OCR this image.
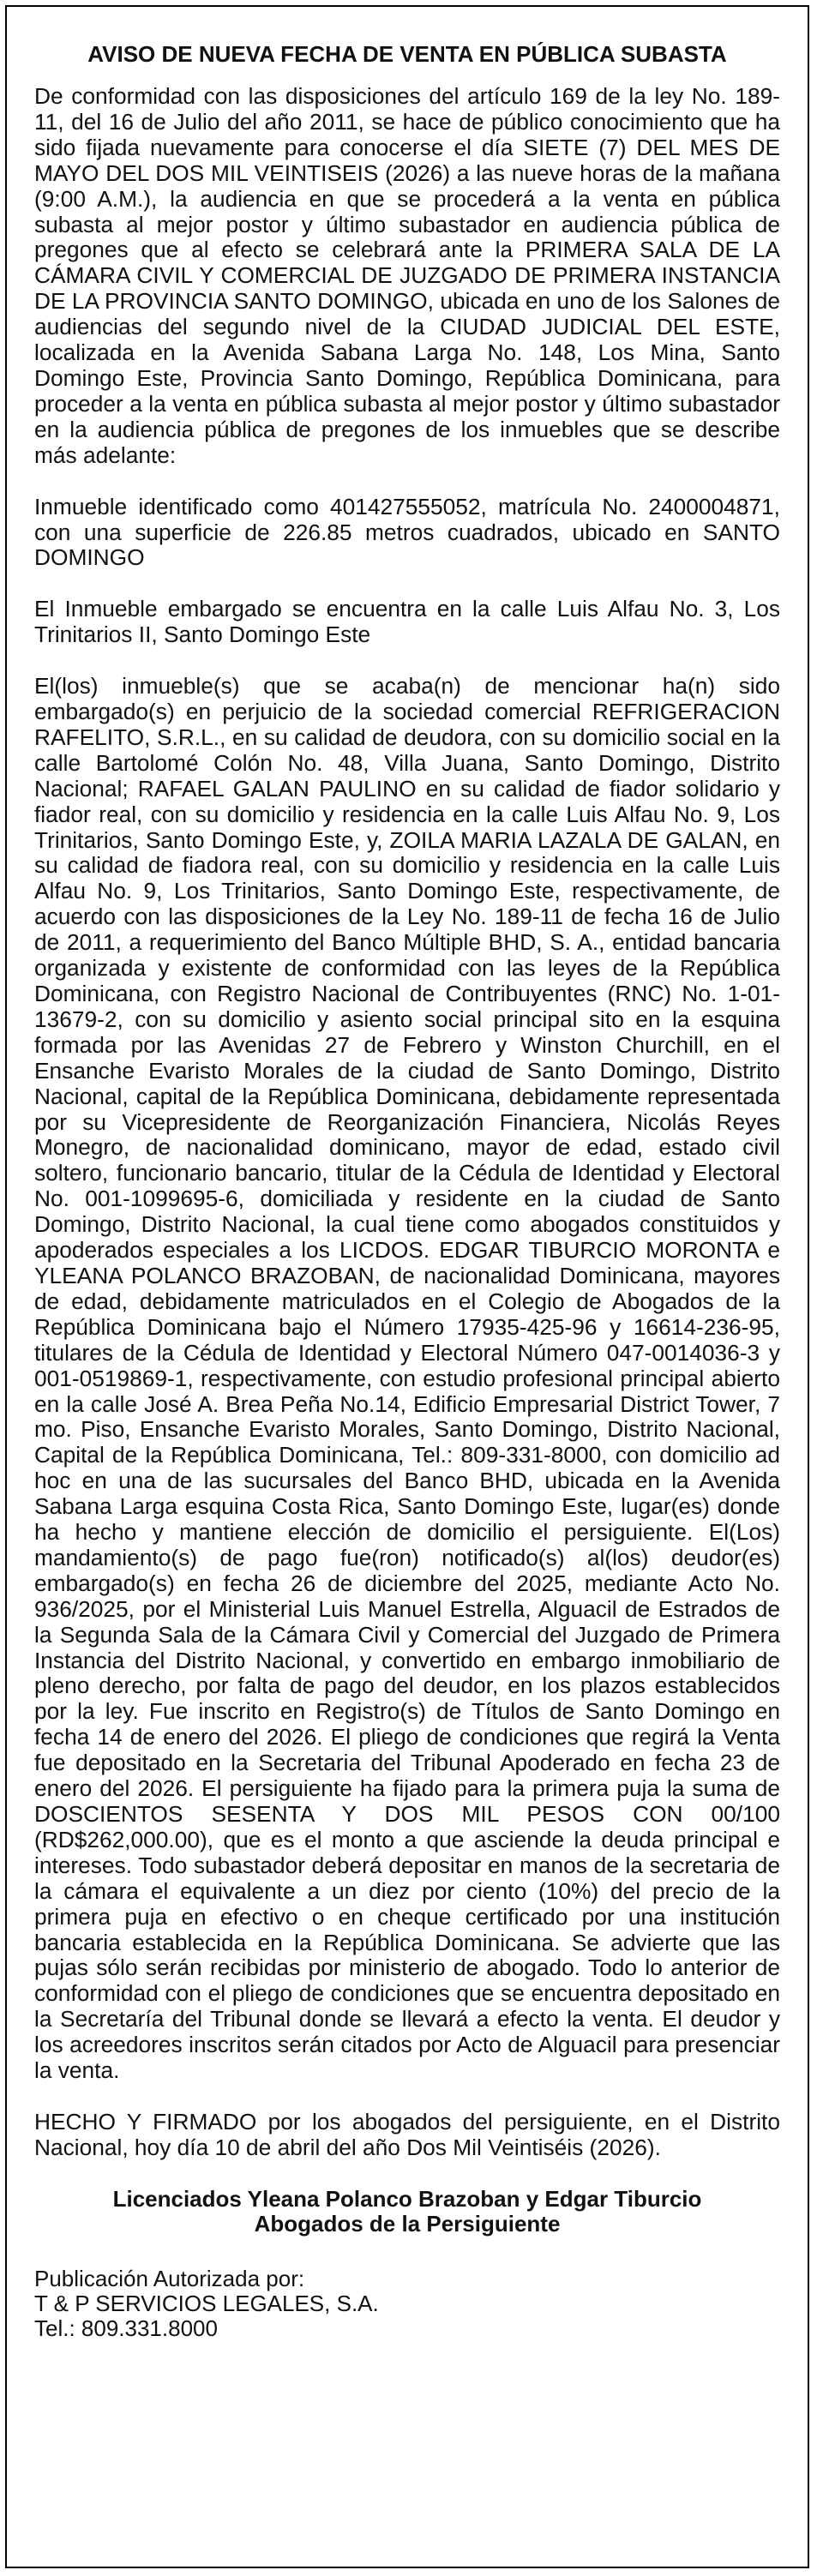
AVISO DE NUEVA FECHA DE VENTA EN PÚBLICA SUBASTA

De conformidad con las disposiciones del artículo 169 de la ley No. 189-11, del 16 de Julio del año 2011, se hace de público conocimiento que ha sido fijada nuevamente para conocerse el día SIETE (7) DEL MES DE MAYO DEL DOS MIL VEINTISEIS (2026) a las nueve horas de la mañana (9:00 A.M.), la audiencia en que se procederá a la venta en pública subasta al mejor postor y último subastador en audiencia pública de pregones que al efecto se celebrará ante la PRIMERA SALA DE LA CÁMARA CIVIL Y COMERCIAL DE JUZGADO DE PRIMERA INSTANCIA DE LA PROVINCIA SANTO DOMINGO, ubicada en uno de los Salones de audiencias del segundo nivel de la CIUDAD JUDICIAL DEL ESTE, localizada en la Avenida Sabana Larga No. 148, Los Mina, Santo Domingo Este, Provincia Santo Domingo, República Dominicana, para proceder a la venta en pública subasta al mejor postor y último subastador en la audiencia pública de pregones de los inmuebles que se describe más adelante:

Inmueble identificado como 401427555052, matrícula No. 2400004871, con una superficie de 226.85 metros cuadrados, ubicado en SANTO DOMINGO

El Inmueble embargado se encuentra en la calle Luis Alfau No. 3, Los Trinitarios II, Santo Domingo Este

El(los) inmueble(s) que se acaba(n) de mencionar ha(n) sido embargado(s) en perjuicio de la sociedad comercial REFRIGERACION RAFELITO, S.R.L., en su calidad de deudora, con su domicilio social en la calle Bartolomé Colón No. 48, Villa Juana, Santo Domingo, Distrito Nacional; RAFAEL GALAN PAULINO en su calidad de fiador solidario y fiador real, con su domicilio y residencia en la calle Luis Alfau No. 9, Los Trinitarios, Santo Domingo Este, y, ZOILA MARIA LAZALA DE GALAN, en su calidad de fiadora real, con su domicilio y residencia en la calle Luis Alfau No. 9, Los Trinitarios, Santo Domingo Este, respectivamente, de acuerdo con las disposiciones de la Ley No. 189-11 de fecha 16 de Julio de 2011, a requerimiento del Banco Múltiple BHD, S. A., entidad bancaria organizada y existente de conformidad con las leyes de la República Dominicana, con Registro Nacional de Contribuyentes (RNC) No. 1-01-13679-2, con su domicilio y asiento social principal sito en la esquina formada por las Avenidas 27 de Febrero y Winston Churchill, en el Ensanche Evaristo Morales de la ciudad de Santo Domingo, Distrito Nacional, capital de la República Dominicana, debidamente representada por su Vicepresidente de Reorganización Financiera, Nicolás Reyes Monegro, de nacionalidad dominicano, mayor de edad, estado civil soltero, funcionario bancario, titular de la Cédula de Identidad y Electoral No. 001-1099695-6, domiciliada y residente en la ciudad de Santo Domingo, Distrito Nacional, la cual tiene como abogados constituidos y apoderados especiales a los LICDOS. EDGAR TIBURCIO MORONTA e YLEANA POLANCO BRAZOBAN, de nacionalidad Dominicana, mayores de edad, debidamente matriculados en el Colegio de Abogados de la República Dominicana bajo el Número 17935-425-96 y 16614-236-95, titulares de la Cédula de Identidad y Electoral Número 047-0014036-3 y 001-0519869-1, respectivamente, con estudio profesional principal abierto en la calle José A. Brea Peña No.14, Edificio Empresarial District Tower, 7 mo. Piso, Ensanche Evaristo Morales, Santo Domingo, Distrito Nacional, Capital de la República Dominicana, Tel.: 809-331-8000, con domicilio ad hoc en una de las sucursales del Banco BHD, ubicada en la Avenida Sabana Larga esquina Costa Rica, Santo Domingo Este, lugar(es) donde ha hecho y mantiene elección de domicilio el persiguiente. El(Los) mandamiento(s) de pago fue(ron) notificado(s) al(los) deudor(es) embargado(s) en fecha 26 de diciembre del 2025, mediante Acto No. 936/2025, por el Ministerial Luis Manuel Estrella, Alguacil de Estrados de la Segunda Sala de la Cámara Civil y Comercial del Juzgado de Primera Instancia del Distrito Nacional, y convertido en embargo inmobiliario de pleno derecho, por falta de pago del deudor, en los plazos establecidos por la ley. Fue inscrito en Registro(s) de Títulos de Santo Domingo en fecha 14 de enero del 2026. El pliego de condiciones que regirá la Venta fue depositado en la Secretaria del Tribunal Apoderado en fecha 23 de enero del 2026. El persiguiente ha fijado para la primera puja la suma de DOSCIENTOS SESENTA Y DOS MIL PESOS CON 00/100 (RD$262,000.00), que es el monto a que asciende la deuda principal e intereses. Todo subastador deberá depositar en manos de la secretaria de la cámara el equivalente a un diez por ciento (10%) del precio de la primera puja en efectivo o en cheque certificado por una institución bancaria establecida en la República Dominicana. Se advierte que las pujas sólo serán recibidas por ministerio de abogado. Todo lo anterior de conformidad con el pliego de condiciones que se encuentra depositado en la Secretaría del Tribunal donde se llevará a efecto la venta. El deudor y los acreedores inscritos serán citados por Acto de Alguacil para presenciar la venta.

HECHO Y FIRMADO por los abogados del persiguiente, en el Distrito Nacional, hoy día 10 de abril del año Dos Mil Veintiséis (2026).

Licenciados Yleana Polanco Brazoban y Edgar Tiburcio
Abogados de la Persiguiente
Publicación Autorizada por:
T & P SERVICIOS LEGALES, S.A.
Tel.: 809.331.8000
